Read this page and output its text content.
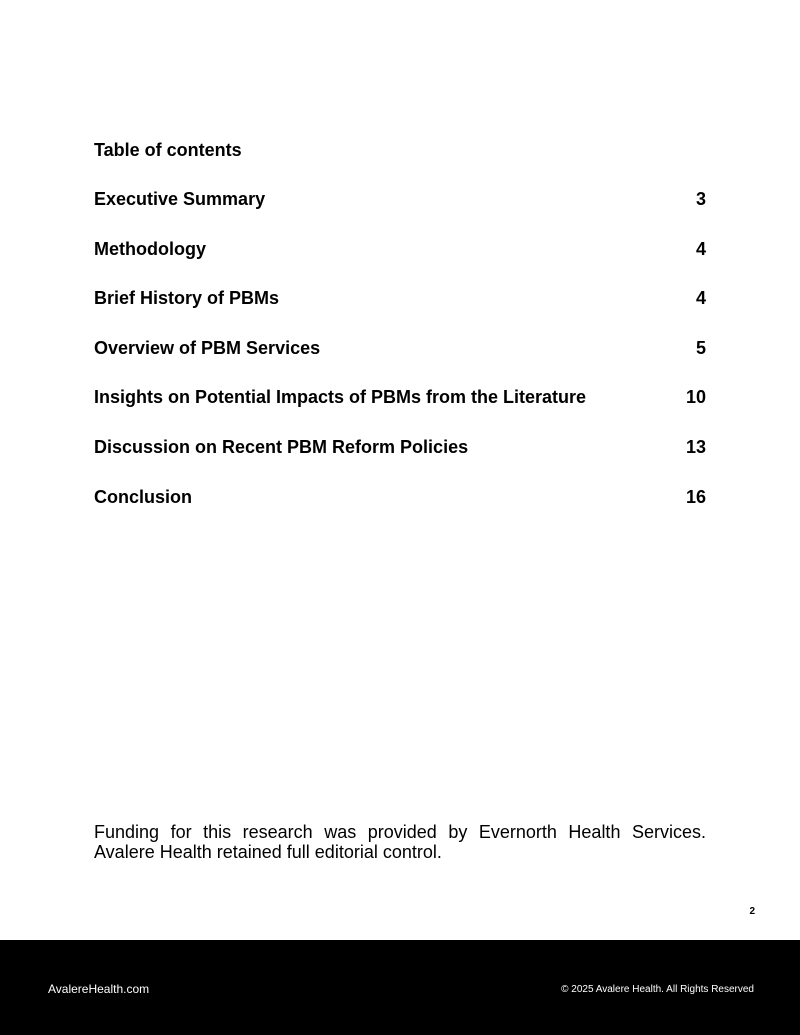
Table of contents
Executive Summary	3
Methodology	4
Brief History of PBMs	4
Overview of PBM Services	5
Insights on Potential Impacts of PBMs from the Literature	10
Discussion on Recent PBM Reform Policies	13
Conclusion	16
Funding for this research was provided by Evernorth Health Services. Avalere Health retained full editorial control.
2
AvalereHealth.com	© 2025 Avalere Health. All Rights Reserved
